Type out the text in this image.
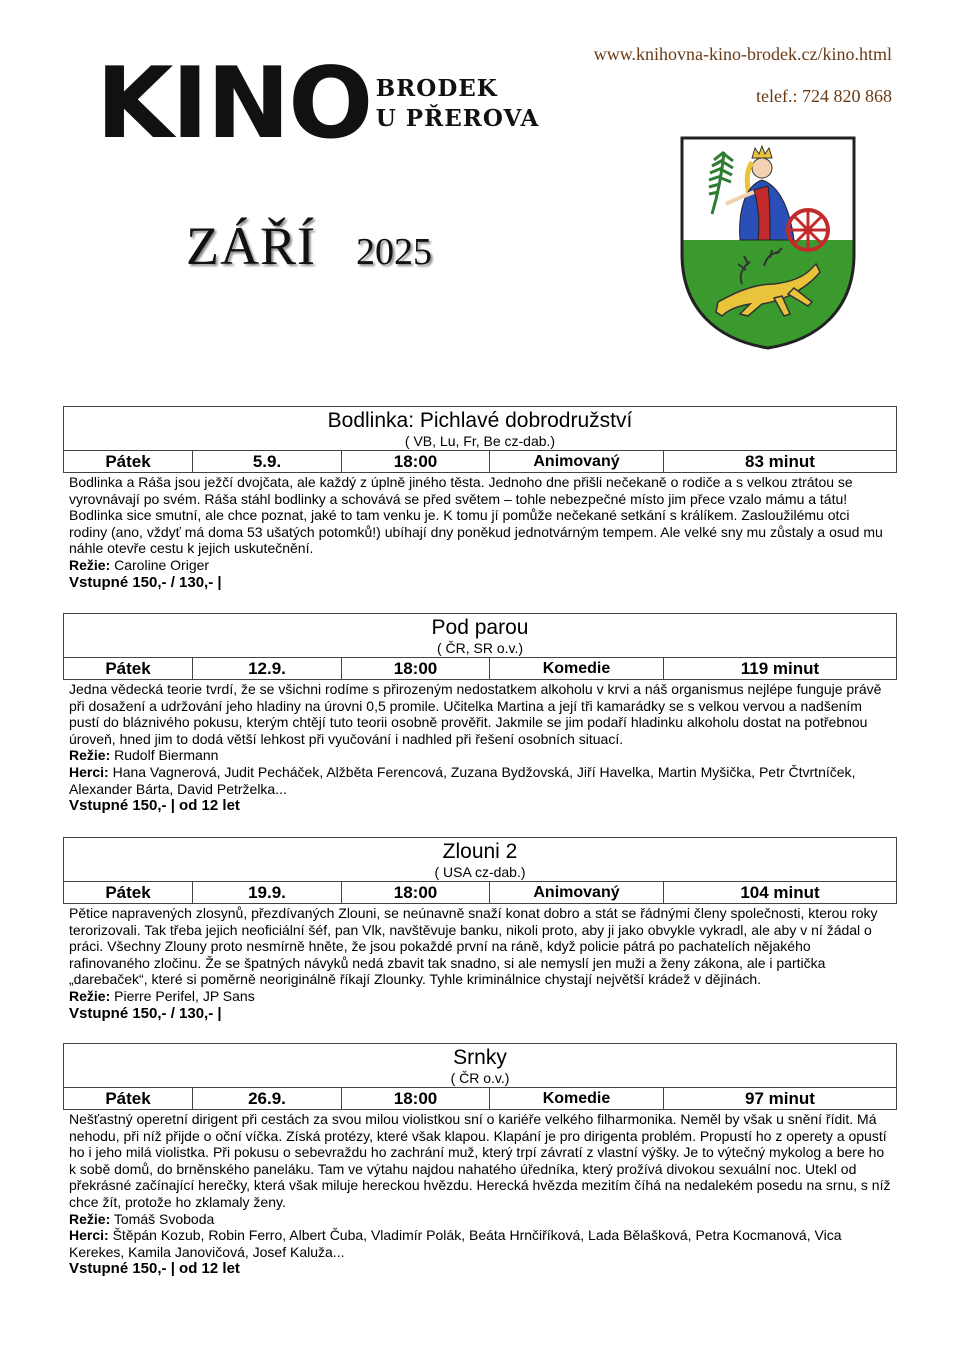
KINO BRODEK
U PŘEROVA
www.knihovna-kino-brodek.cz/kino.html
telef.: 724 820 868
ZÁŘÍ 2025
Bodlinka: Pichlavé dobrodružství
( VB, Lu, Fr, Be cz-dab.)
Pátek	5.9.	18:00	Animovaný	83 minut

Bodlinka a Ráša jsou ježčí dvojčata, ale každý z úplně jiného těsta. Jednoho dne přišli nečekaně o rodiče a s velkou ztrátou se vyrovnávají po svém. Ráša stáhl bodlinky a schovává se před světem – tohle nebezpečné místo jim přece vzalo mámu a tátu! Bodlinka sice smutní, ale chce poznat, jaké to tam venku je. K tomu jí pomůže nečekané setkání s králíkem. Zasloužilému otci rodiny (ano, vždyť má doma 53 ušatých potomků!) ubíhají dny poněkud jednotvárným tempem. Ale velké sny mu zůstaly a osud mu náhle otevře cestu k jejich uskutečnění.

Režie: Caroline Origer

Vstupné 150,- / 130,- |

Pod parou
( ČR, SR o.v.)
Pátek	12.9.	18:00	Komedie	119 minut

Jedna vědecká teorie tvrdí, že se všichni rodíme s přirozeným nedostatkem alkoholu v krvi a náš organismus nejlépe funguje právě při dosažení a udržování jeho hladiny na úrovni 0,5 promile. Učitelka Martina a její tři kamarádky se s velkou vervou a nadšením pustí do bláznivého pokusu, kterým chtějí tuto teorii osobně prověřit. Jakmile se jim podaří hladinku alkoholu dostat na potřebnou úroveň, hned jim to dodá větší lehkost při vyučování i nadhled při řešení osobních situací.

Režie: Rudolf Biermann

Herci: Hana Vagnerová, Judit Pecháček, Alžběta Ferencová, Zuzana Bydžovská, Jiří Havelka, Martin Myšička, Petr Čtvrtníček, Alexander Bárta, David Petrželka...

Vstupné 150,- | od 12 let

Zlouni 2
( USA cz-dab.)
Pátek	19.9.	18:00	Animovaný	104 minut

Pětice napravených zlosynů, přezdívaných Zlouni, se neúnavně snaží konat dobro a stát se řádnými členy společnosti, kterou roky terorizovali. Tak třeba jejich neoficiální šéf, pan Vlk, navštěvuje banku, nikoli proto, aby ji jako obvykle vykradl, ale aby v ní žádal o práci. Všechny Zlouny proto nesmírně hněte, že jsou pokaždé první na ráně, když policie pátrá po pachatelích nějakého rafinovaného zločinu. Že se špatných návyků nedá zbavit tak snadno, si ale nemyslí jen muži a ženy zákona, ale i partička „darebaček“, které si poměrně neoriginálně říkají Zlounky. Tyhle kriminálnice chystají největší krádež v dějinách.

Režie: Pierre Perifel, JP Sans

Vstupné 150,- / 130,- |

Srnky
( ČR o.v.)
Pátek	26.9.	18:00	Komedie	97 minut

Nešťastný operetní dirigent při cestách za svou milou violistkou sní o kariéře velkého filharmonika. Neměl by však u snění řídit. Má nehodu, při níž přijde o oční víčka. Získá protézy, které však klapou. Klapání je pro dirigenta problém. Propustí ho z operety a opustí ho i jeho milá violistka. Při pokusu o sebevraždu ho zachrání muž, který trpí závratí z vlastní výšky. Je to výtečný mykolog a bere ho k sobě domů, do brněnského paneláku. Tam ve výtahu najdou nahatého úředníka, který prožívá divokou sexuální noc. Utekl od překrásné začínající herečky, která však miluje hereckou hvězdu. Herecká hvězda mezitím číhá na nedalekém posedu na srnu, s níž chce žít, protože ho zklamaly ženy.

Režie: Tomáš Svoboda

Herci: Štěpán Kozub, Robin Ferro, Albert Čuba, Vladimír Polák, Beáta Hrnčiříková, Lada Bělašková, Petra Kocmanová, Vica Kerekes, Kamila Janovičová, Josef Kaluža...

Vstupné 150,- | od 12 let
